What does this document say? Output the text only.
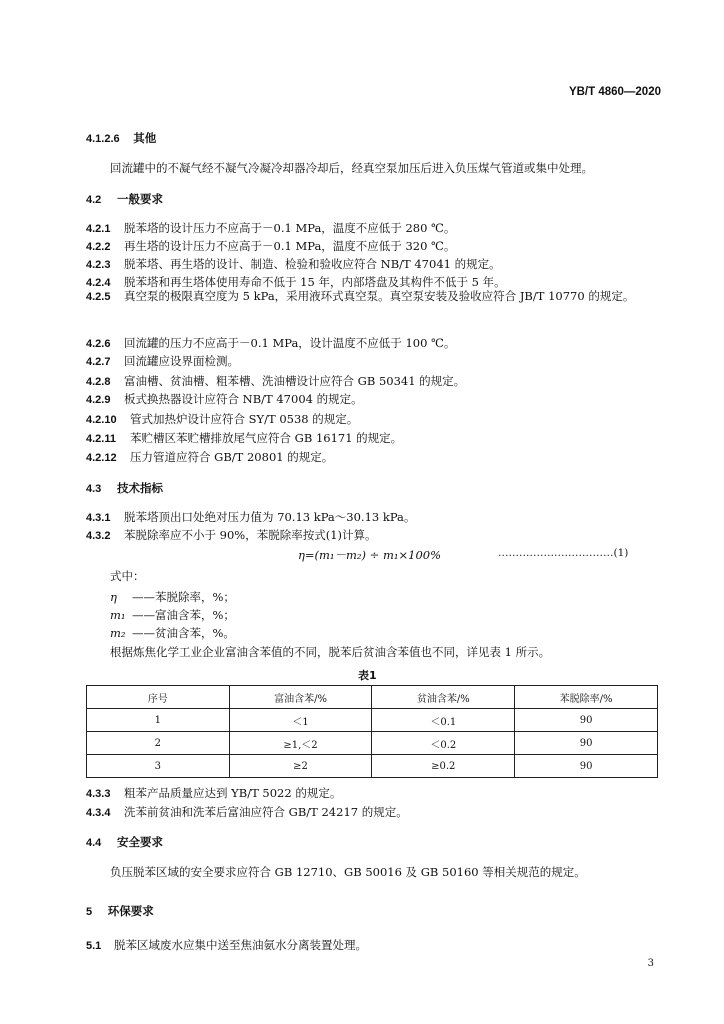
YB/T 4860—2020
4.1.2.6 其他
回流罐中的不凝气经不凝气冷凝冷却器冷却后，经真空泵加压后进入负压煤气管道或集中处理。
4.2 一般要求
4.2.1 脱苯塔的设计压力不应高于－0.1 MPa，温度不应低于 280 ℃。
4.2.2 再生塔的设计压力不应高于－0.1 MPa，温度不应低于 320 ℃。
4.2.3 脱苯塔、再生塔的设计、制造、检验和验收应符合 NB/T 47041 的规定。
4.2.4 脱苯塔和再生塔体使用寿命不低于 15 年，内部塔盘及其构件不低于 5 年。
4.2.5 真空泵的极限真空度为 5 kPa，采用液环式真空泵。真空泵安装及验收应符合 JB/T 10770 的规定。
4.2.6 回流罐的压力不应高于－0.1 MPa，设计温度不应低于 100 ℃。
4.2.7 回流罐应设界面检测。
4.2.8 富油槽、贫油槽、粗苯槽、洗油槽设计应符合 GB 50341 的规定。
4.2.9 板式换热器设计应符合 NB/T 47004 的规定。
4.2.10 管式加热炉设计应符合 SY/T 0538 的规定。
4.2.11 苯贮槽区苯贮槽排放尾气应符合 GB 16171 的规定。
4.2.12 压力管道应符合 GB/T 20801 的规定。
4.3 技术指标
4.3.1 脱苯塔顶出口处绝对压力值为 70.13 kPa～30.13 kPa。
4.3.2 苯脱除率应不小于 90%，苯脱除率按式(1)计算。
η=(m₁－m₂) ÷ m₁×100%	……………………………(1)
式中：
η ——苯脱除率，%；
m₁ ——富油含苯，%；
m₂ ——贫油含苯，%。
根据炼焦化学工业企业富油含苯值的不同，脱苯后贫油含苯值也不同，详见表 1 所示。
表1
序号	富油含苯/%	贫油含苯/%	苯脱除率/%
1	＜1	＜0.1	90
2	≥1,＜2	＜0.2	90
3	≥2	≥0.2	90
4.3.3 粗苯产品质量应达到 YB/T 5022 的规定。
4.3.4 洗苯前贫油和洗苯后富油应符合 GB/T 24217 的规定。
4.4 安全要求
负压脱苯区域的安全要求应符合 GB 12710、GB 50016 及 GB 50160 等相关规范的规定。
5 环保要求
5.1 脱苯区域废水应集中送至焦油氨水分离装置处理。
3
